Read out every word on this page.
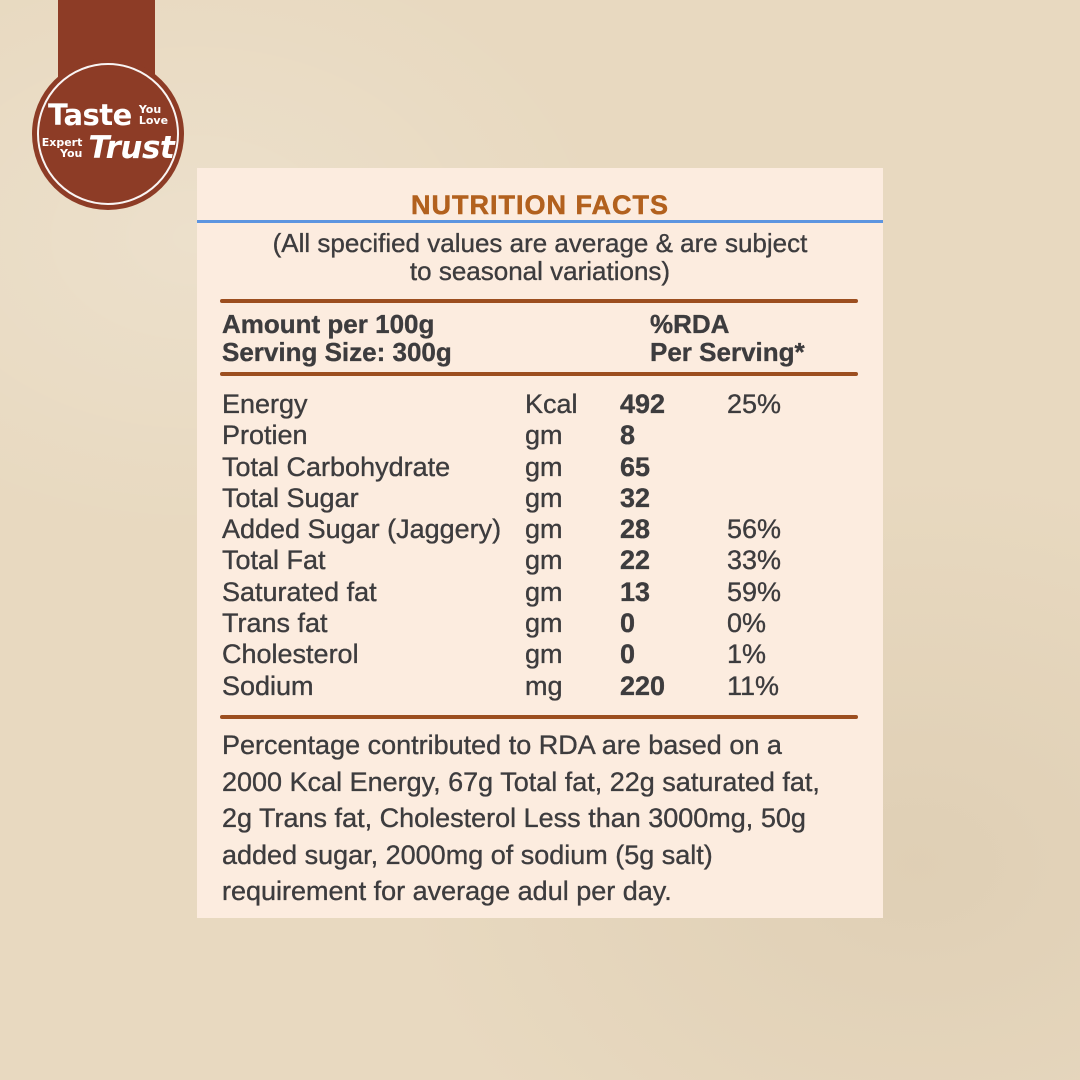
Taste You
Love
Expert
You Trust
NUTRITION FACTS
(All specified values are average & are subject
to seasonal variations)
Amount per 100g	%RDA
Serving Size: 300g	Per Serving*
Energy	Kcal 492 25%
Protien	gm 8
Total Carbohydrate	gm 65
Total Sugar	gm 32
Added Sugar (Jaggery) gm 28	56%
Total Fat	gm 22	33%
Saturated fat	gm 13	59%
Trans fat	gm 0	0%
Cholesterol	gm 0	1%
Sodium	mg 220 11%
Percentage contributed to RDA are based on a
2000 Kcal Energy, 67g Total fat, 22g saturated fat,
2g Trans fat, Cholesterol Less than 3000mg, 50g
added sugar, 2000mg of sodium (5g salt)
requirement for average adul per day.
